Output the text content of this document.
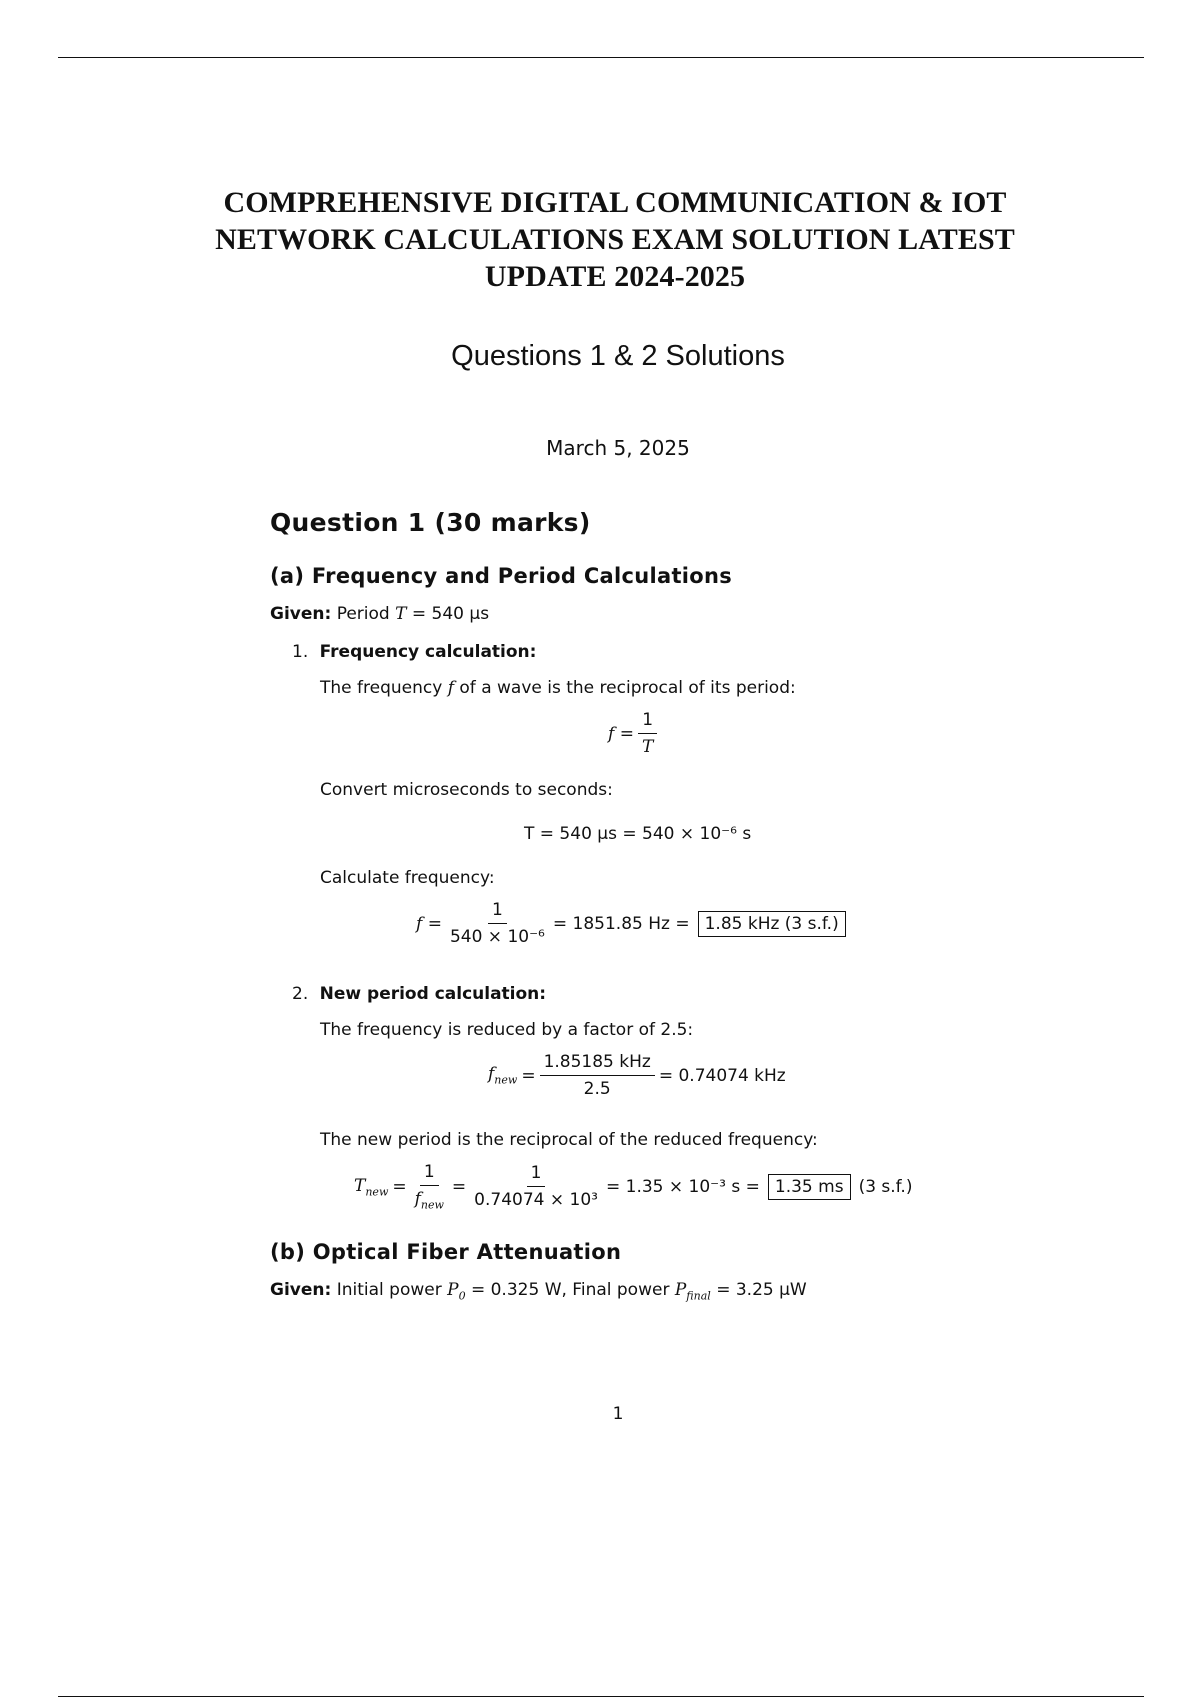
COMPREHENSIVE DIGITAL COMMUNICATION & IOT
NETWORK CALCULATIONS EXAM SOLUTION LATEST
UPDATE 2024-2025
Questions 1 & 2 Solutions
March 5, 2025
Question 1 (30 marks)
(a) Frequency and Period Calculations
Given: Period T = 540 µs
1. Frequency calculation:
The frequency f of a wave is the reciprocal of its period:
$f = \frac{1}{T}$
Convert microseconds to seconds:
T = 540 µs = 540 × 10⁻⁶ s
Calculate frequency:
$f = \frac{1}{\text{540 × 10⁻⁶}} = 1851.85$ Hz = 1.85 kHz (3 s.f.)
2. New period calculation:
The frequency is reduced by a factor of 2.5:
$f_{new} = \frac{\text{1.85185 kHz}}{2.5} = 0.74074$ kHz
The new period is the reciprocal of the reduced frequency:
$T_{new} = \frac{1}{f_{new}} = \frac{1}{\text{0.74074 × 10³}} = 1.35 \times 10^{-3}$ s = 1.35 ms (3 s.f.)
(b) Optical Fiber Attenuation
Given: Initial power $P_0 = 0.325$ W, Final power $P_{final} = 3.25$ µW
1
